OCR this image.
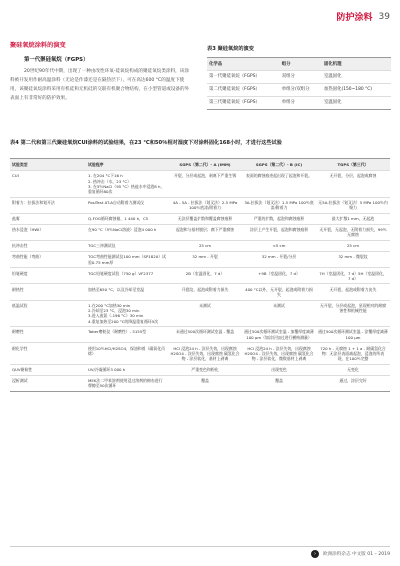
防护涂料 39
聚硅氧烷涂料的演变
第一代聚硅氧烷（FGPS）

20世纪90年代中期，出现了一种由改性环氧-硅氧烷构成的聚硅氧烷类涂料，该涂料被开发用作耐高温涂料（无论是作漆还是在隔热层下），可在高达600 °C的温度下使用，该聚硅氧烷涂料采用有机硅和无机硅的交联有机聚合物结构，在小型管道或设备的外表面上有非常好的防护效果。

表3 聚硅氧烷的演变
化学品	组分	固化机理
第一代聚硅氧烷（FGPS）	双组分	室温固化
第二代聚硅氧烷（FGPS）	单组分/双组分	加热固化(150~180 °C)
第三代聚硅氧烷（FGPS）	单组分	室温固化
表4 第二代和第三代聚硅氧烷CUI涂料的试验结果，在23 °C和50％相对湿度下对涂料固化168小时，才进行这些试验
试验类型	试验程序	SGPS（第二代）- A (IMM)	SGPS（第二代）- B (IC)	TGPS（第三代）
CUI	1. 在204 °C下16 h
2. 热冲击（水，23 °C）
3. 在5％NaCl（95 °C）热盐水中浸泡8 h，重复循环80次	开裂，分层或起泡，剥离下严重生锈	表面的腐蚀痕迹起出现了起泡和开裂。	无开裂，分层，起泡或腐蚀
附着力：拉拔法和划开法	PosiTest AT-A自动附着力测试仪	4A - 5A - 拉拔法（划叉法）2.5 MPa 100％底漆/附着力	3A-拉拔法（划叉法）1.5 MPa 100％底漆/附着力	无5A-拉拔法（划叉法）5 MPa 100％内聚力
盐雾	Q-FOG循环腐蚀箱，1 440 h，C5	无涂层覆盖扩散和覆盖腐蚀痕积	严重的扩散，起泡和腐蚀痕积	最大扩散1 mm，无起泡
热水浸泡（HWI）	在90 °C（5％NaCl溶液）浸泡4 000 h	起泡和与基材脱层；腐下严重腐蚀	涂层上产生开裂，起泡和腐蚀痕积	无开裂，无起泡，无附着力损失，99％无腐蚀
抗冲击性	TGC三冲测试仪	25 cm	<5 cm	25 cm
弯曲性能（弯曲）	TGC弯曲性能测试仪100 mm（SP1820）试验0.75 mm厚	32 mm - 开裂	32 mm - 开裂/分层	32 mm - 微裂纹
铅笔硬度	TGC铅笔硬度试验（750 g）VF2377	2B（室温固化，7 d）	+9B（室温固化，7 d）	7H（室温固化，7 d）5H（室温固化，7 d）
耐热性	加热至650 °C，以及冷却至室温	开裂纹，起泡或附着力损失	400 °C以外，无开裂，起泡或附着力损失	无开裂，起泡或附着力丧失
低温试验	1.在200 °C加热30 min
2.冷却至23 °C，浸泡30 min
3.进入液氮（-196 °C）30 min
4.重复加热至200 °C的降温重复循环5次	未测试	未测试	无开裂，分层或起泡，星现相对的耐腐蚀性和机械性能
耐磨性	Taber磨耗仪（耐磨性）- 5155型	未通过500次循环测试室温 - 覆盖	通过500次循环测试室温 - 加覆厚度减薄100 μm（如涂层加过进行横格测量）	通过500次循环测试室温 - 涂覆厚度减薄100 μm
耐化学性	使用10％HCl/H2SO4，保油和着（碳氧化丙烯）	HCl 浸泡24 h - 涂层失效，出现腐蚀 H2SO4 - 涂层失效，出现腐蚀 碳氢化合物 - 涂层软化，基材上剥离	HCl 浸泡24 h - 涂层失效，出现腐蚀 H2SO4 - 涂层失效，出现腐蚀 碳氢化合物 - 涂层软化，微数基材上剥离	720 h - 无腐蚀 1 + 1 a - 耐碳氢化合物：无涂层表面减起泡，浸泡的所表现，在100％完整
QUV耐候性	UV/冷凝循环3 000 h	严重变色和粉化	出现变色	无变化
浸析测试	MEK法二甲苯溶剂使用浸过溶剂的棉布进行摩擦至50次循环	覆盖	覆盖	通过，涂层完好
›	欧洲涂料杂志 中文版 01 – 2019
